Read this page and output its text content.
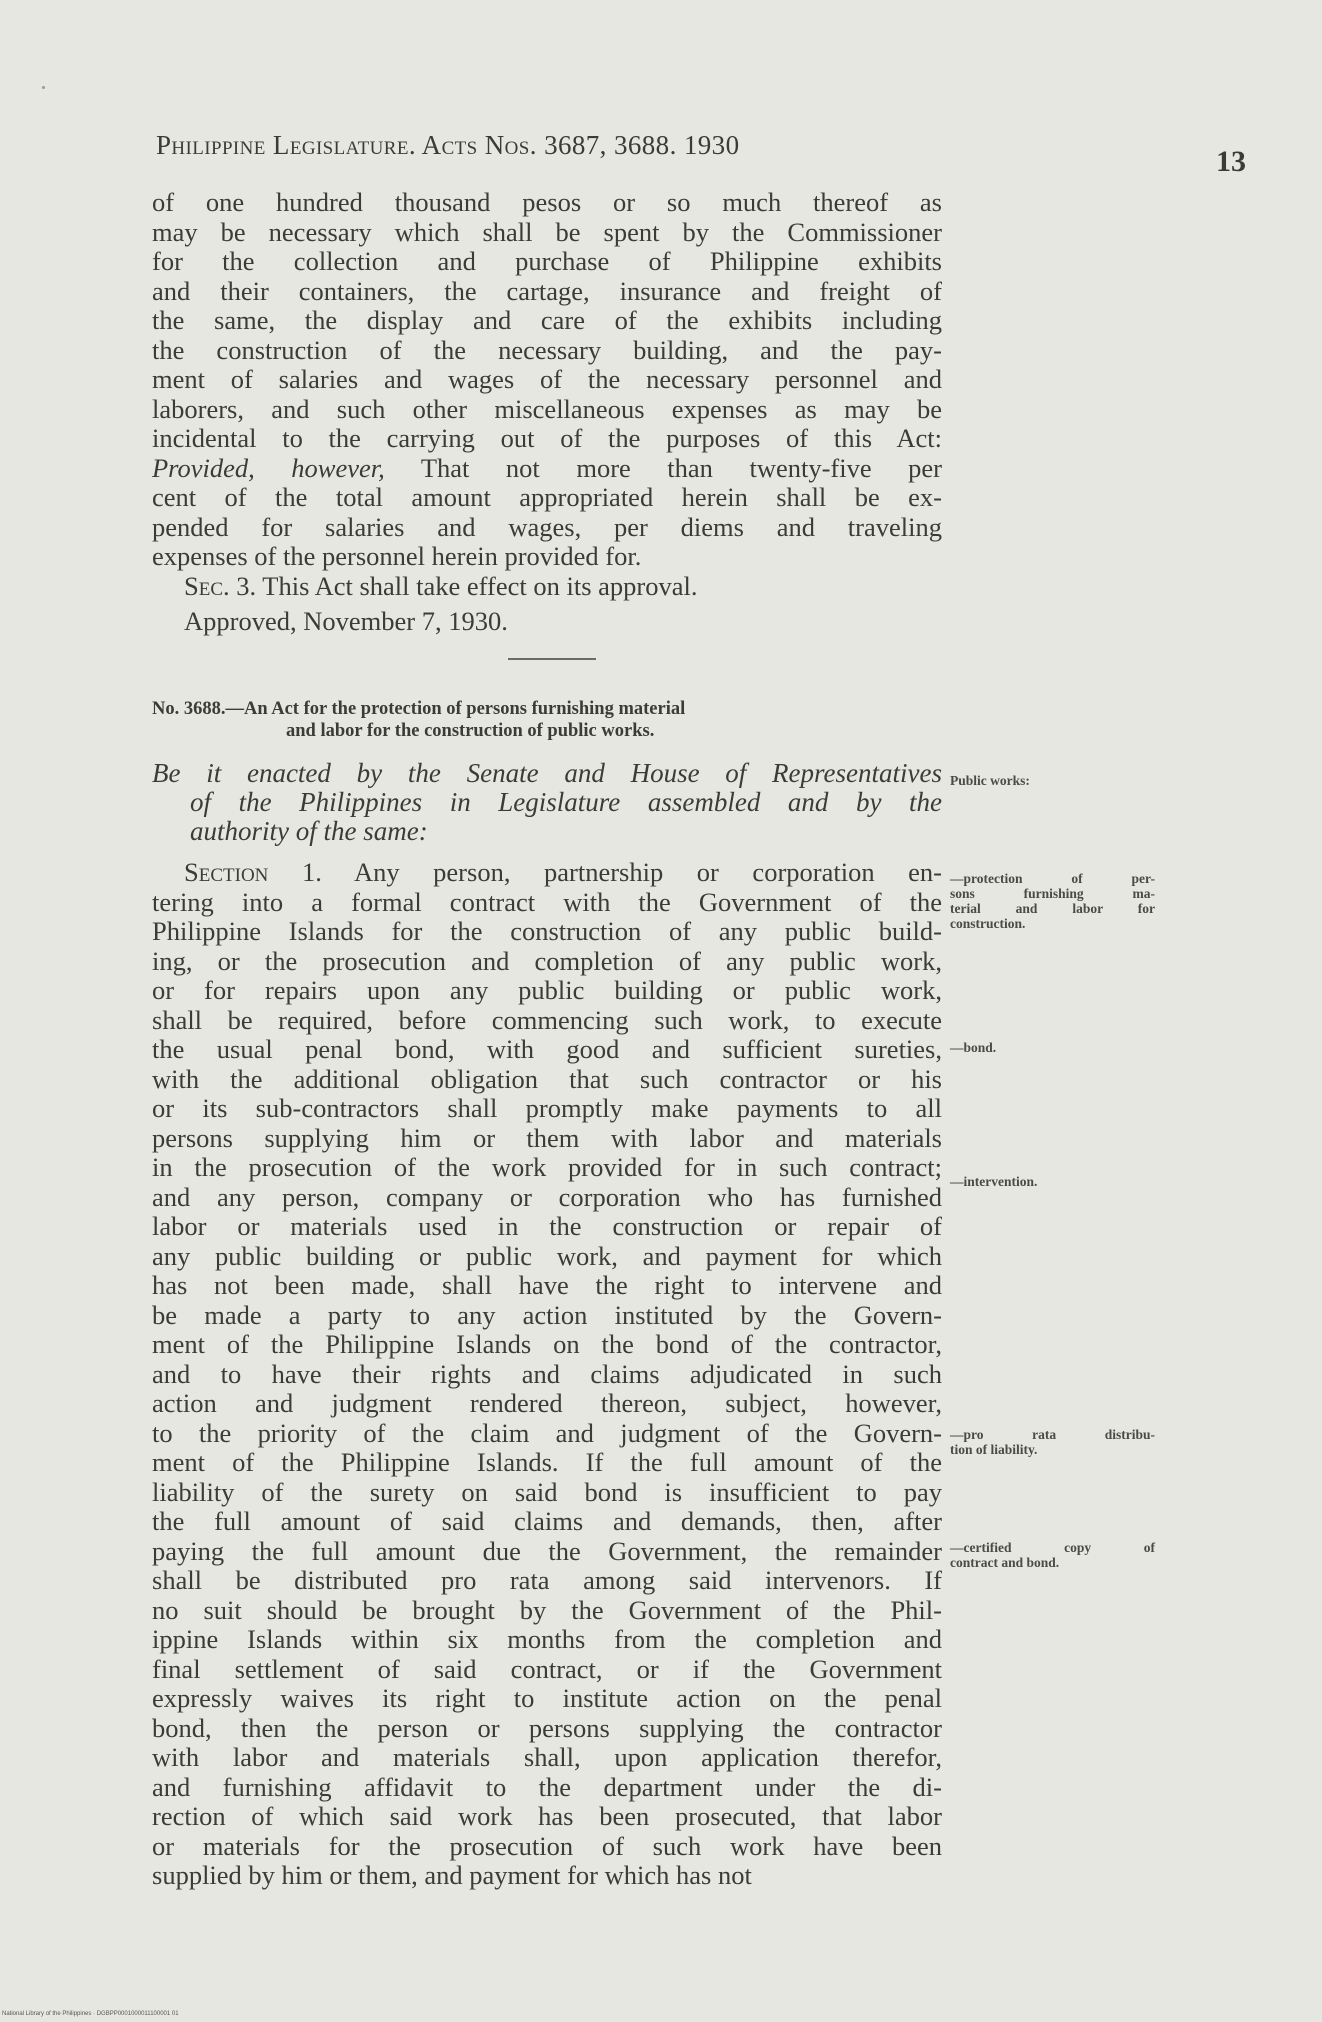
Philippine Legislature. Acts Nos. 3687, 3688. 1930	13
of one hundred thousand pesos or so much thereof as
may be necessary which shall be spent by the Commissioner
for the collection and purchase of Philippine exhibits
and their containers, the cartage, insurance and freight of
the same, the display and care of the exhibits including
the construction of the necessary building, and the pay-
ment of salaries and wages of the necessary personnel and
laborers, and such other miscellaneous expenses as may be
incidental to the carrying out of the purposes of this Act:
Provided, however, That not more than twenty-five per
cent of the total amount appropriated herein shall be ex-
pended for salaries and wages, per diems and traveling
expenses of the personnel herein provided for.
Sec. 3. This Act shall take effect on its approval.
Approved, November 7, 1930.
No. 3688.—An Act for the protection of persons furnishing material
and labor for the construction of public works.
Be it enacted by the Senate and House of Representatives
of the Philippines in Legislature assembled and by the
authority of the same:
Section 1. Any person, partnership or corporation en-
tering into a formal contract with the Government of the
Philippine Islands for the construction of any public build-
ing, or the prosecution and completion of any public work,
or for repairs upon any public building or public work,
shall be required, before commencing such work, to execute
the usual penal bond, with good and sufficient sureties,
with the additional obligation that such contractor or his
or its sub-contractors shall promptly make payments to all
persons supplying him or them with labor and materials
in the prosecution of the work provided for in such contract;
and any person, company or corporation who has furnished
labor or materials used in the construction or repair of
any public building or public work, and payment for which
has not been made, shall have the right to intervene and
be made a party to any action instituted by the Govern-
ment of the Philippine Islands on the bond of the contractor,
and to have their rights and claims adjudicated in such
action and judgment rendered thereon, subject, however,
to the priority of the claim and judgment of the Govern-
ment of the Philippine Islands. If the full amount of the
liability of the surety on said bond is insufficient to pay
the full amount of said claims and demands, then, after
paying the full amount due the Government, the remainder
shall be distributed pro rata among said intervenors. If
no suit should be brought by the Government of the Phil-
ippine Islands within six months from the completion and
final settlement of said contract, or if the Government
expressly waives its right to institute action on the penal
bond, then the person or persons supplying the contractor
with labor and materials shall, upon application therefor,
and furnishing affidavit to the department under the di-
rection of which said work has been prosecuted, that labor
or materials for the prosecution of such work have been
supplied by him or them, and payment for which has not
Public works:
—protection of per-
sons furnishing ma-
terial and labor for
construction.
—bond.
—intervention.
—pro rata distribu-
tion of liability.
—certified copy of
contract and bond.
National Library of the Philippines · DGBPP0001000011100001 01
